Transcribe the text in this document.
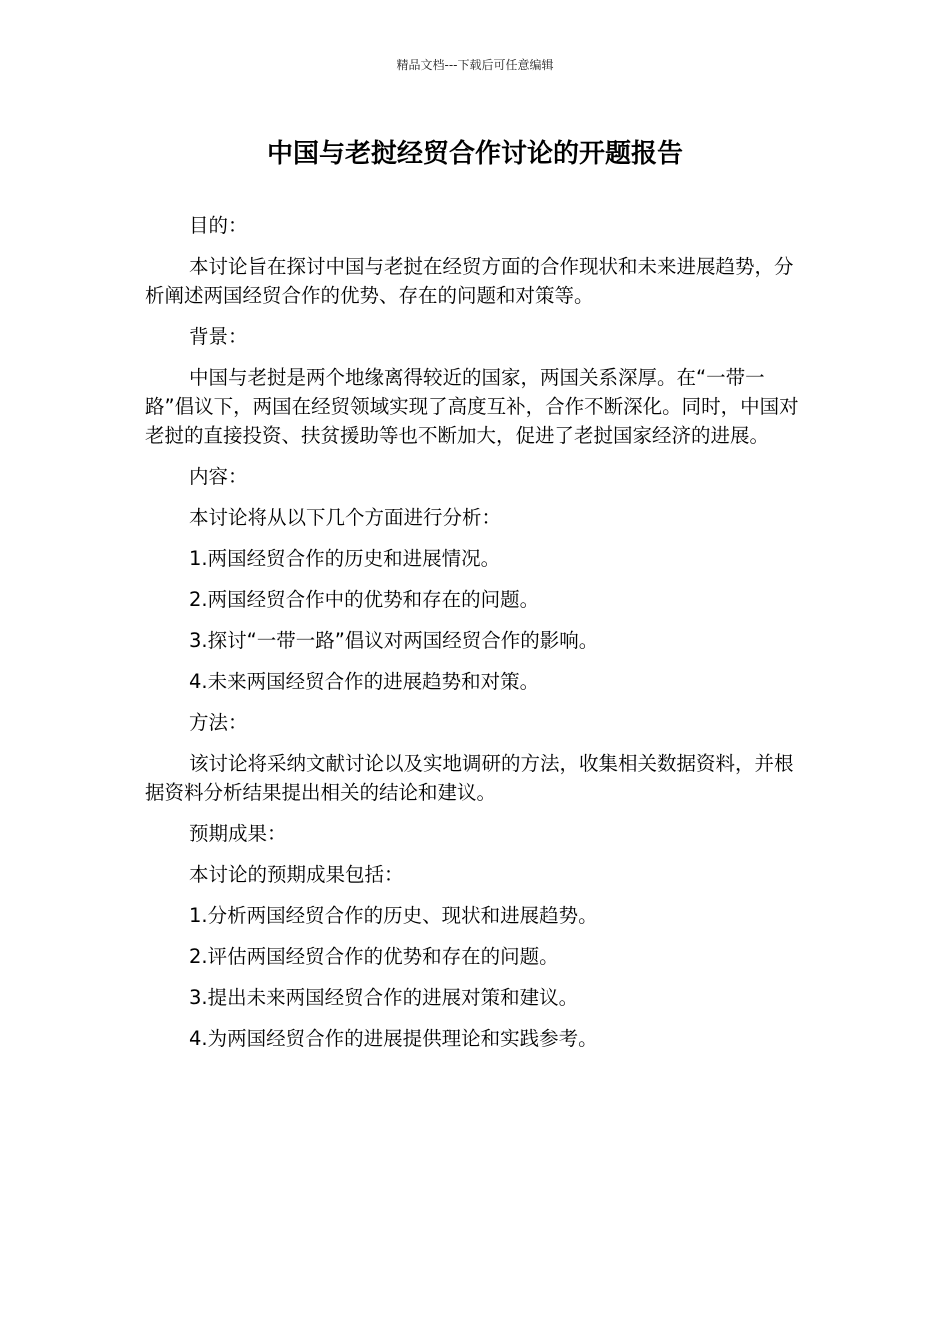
精品文档---下载后可任意编辑
中国与老挝经贸合作讨论的开题报告

目的：

本讨论旨在探讨中国与老挝在经贸方面的合作现状和未来进展趋势，分析阐述两国经贸合作的优势、存在的问题和对策等。

背景：

中国与老挝是两个地缘离得较近的国家，两国关系深厚。在“一带一路”倡议下，两国在经贸领域实现了高度互补，合作不断深化。同时，中国对老挝的直接投资、扶贫援助等也不断加大，促进了老挝国家经济的进展。

内容：

本讨论将从以下几个方面进行分析：

1.两国经贸合作的历史和进展情况。

2.两国经贸合作中的优势和存在的问题。

3.探讨“一带一路”倡议对两国经贸合作的影响。

4.未来两国经贸合作的进展趋势和对策。

方法：

该讨论将采纳文献讨论以及实地调研的方法，收集相关数据资料，并根据资料分析结果提出相关的结论和建议。

预期成果：

本讨论的预期成果包括：

1.分析两国经贸合作的历史、现状和进展趋势。

2.评估两国经贸合作的优势和存在的问题。

3.提出未来两国经贸合作的进展对策和建议。

4.为两国经贸合作的进展提供理论和实践参考。
